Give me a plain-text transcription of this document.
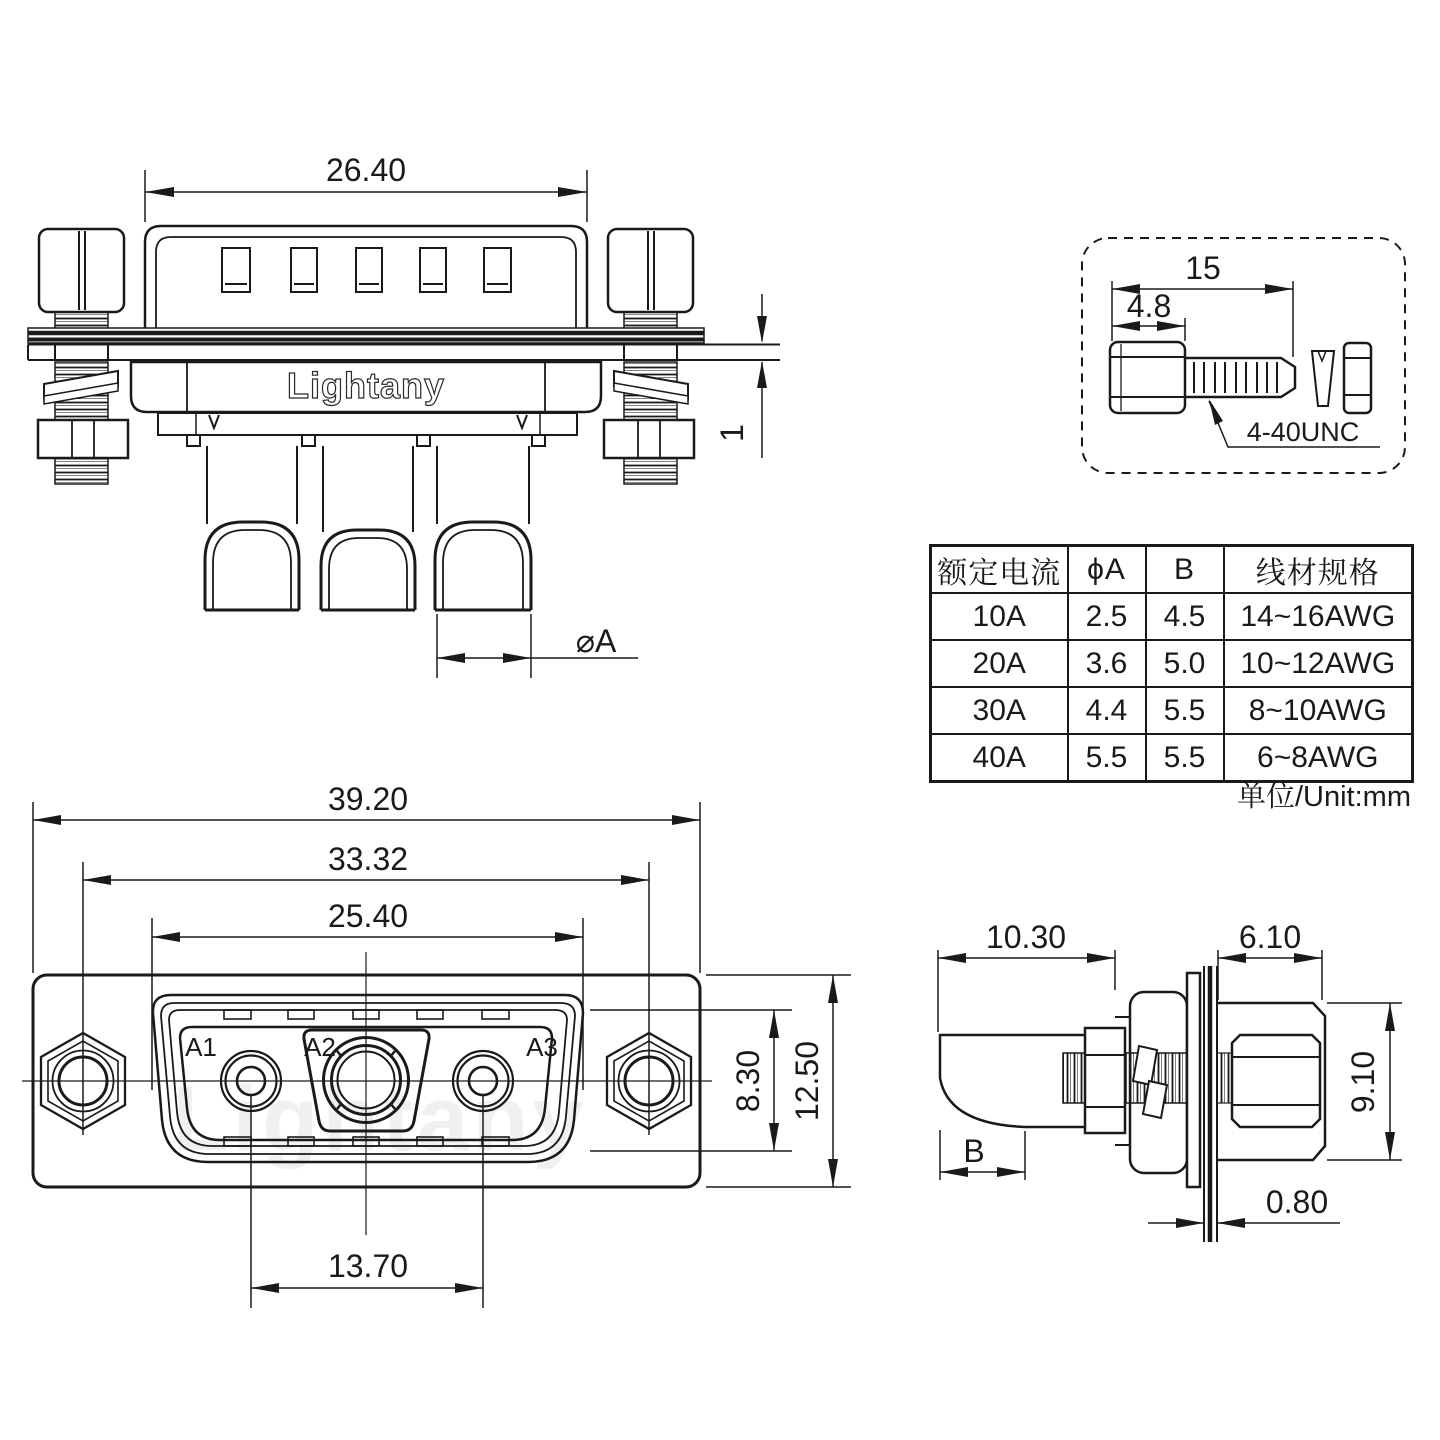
26.40
1
Lightany
⌀A
15
4.8
4-40UNC
Lightany
39.20
33.32
25.40
A1	A2	A3
8.30 12.50
13.70
10.30	6.10
9.10
B
0.80
额定电流	ϕA	B	线材规格
10A	2.5	4.5	14~16AWG
20A	3.6	5.0	10~12AWG
30A	4.4	5.5	8~10AWG
40A	5.5	5.5	6~8AWG
单位/Unit:mm
